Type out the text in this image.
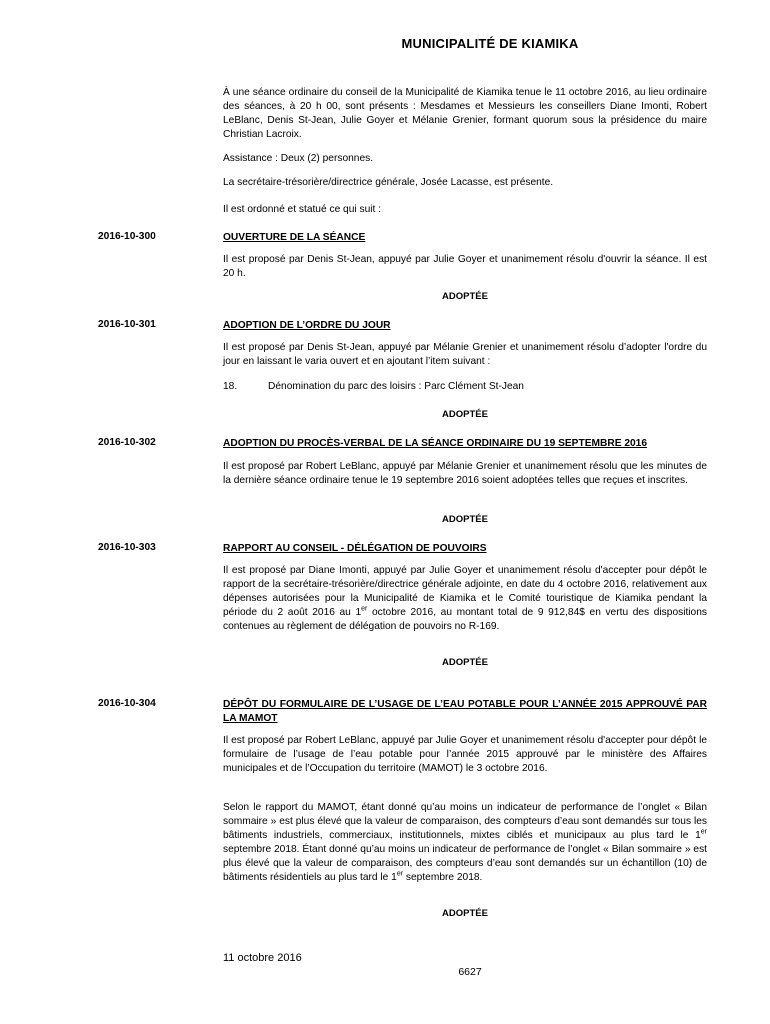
MUNICIPALITÉ DE KIAMIKA

À une séance ordinaire du conseil de la Municipalité de Kiamika tenue le 11 octobre 2016, au lieu ordinaire des séances, à 20 h 00, sont présents : Mesdames et Messieurs les conseillers Diane Imonti, Robert LeBlanc, Denis St-Jean, Julie Goyer et Mélanie Grenier, formant quorum sous la présidence du maire Christian Lacroix.

Assistance : Deux (2) personnes.
La secrétaire-trésorière/directrice générale, Josée Lacasse, est présente.
Il est ordonné et statué ce qui suit :
2016-10-300	OUVERTURE DE LA SÉANCE

Il est proposé par Denis St-Jean, appuyé par Julie Goyer et unanimement résolu d'ouvrir la séance. Il est 20 h.

ADOPTÉE
2016-10-301	ADOPTION DE L’ORDRE DU JOUR

Il est proposé par Denis St-Jean, appuyé par Mélanie Grenier et unanimement résolu d’adopter l'ordre du jour en laissant le varia ouvert et en ajoutant l’item suivant :

18.	Dénomination du parc des loisirs : Parc Clément St-Jean
ADOPTÉE
2016-10-302	ADOPTION DU PROCÈS-VERBAL DE LA SÉANCE ORDINAIRE DU 19 SEPTEMBRE 2016

Il est proposé par Robert LeBlanc, appuyé par Mélanie Grenier et unanimement résolu que les minutes de la dernière séance ordinaire tenue le 19 septembre 2016 soient adoptées telles que reçues et inscrites.

ADOPTÉE
2016-10-303	RAPPORT AU CONSEIL - DÉLÉGATION DE POUVOIRS

Il est proposé par Diane Imonti, appuyé par Julie Goyer et unanimement résolu d'accepter pour dépôt le rapport de la secrétaire-trésorière/directrice générale adjointe, en date du 4 octobre 2016, relativement aux dépenses autorisées pour la Municipalité de Kiamika et le Comité touristique de Kiamika pendant la période du 2 août 2016 au 1er octobre 2016, au montant total de 9 912,84$ en vertu des dispositions contenues au règlement de délégation de pouvoirs no R-169.

ADOPTÉE
2016-10-304	DÉPÔT DU FORMULAIRE DE L’USAGE DE L’EAU POTABLE POUR L’ANNÉE 2015 APPROUVÉ PAR LA MAMOT

Il est proposé par Robert LeBlanc, appuyé par Julie Goyer et unanimement résolu d'accepter pour dépôt le formulaire de l’usage de l’eau potable pour l’année 2015 approuvé par le ministère des Affaires municipales et de l’Occupation du territoire (MAMOT) le 3 octobre 2016.

Selon le rapport du MAMOT, étant donné qu’au moins un indicateur de performance de l’onglet « Bilan sommaire » est plus élevé que la valeur de comparaison, des compteurs d’eau sont demandés sur tous les bâtiments industriels, commerciaux, institutionnels, mixtes ciblés et municipaux au plus tard le 1er septembre 2018. Étant donné qu’au moins un indicateur de performance de l’onglet « Bilan sommaire » est plus élevé que la valeur de comparaison, des compteurs d’eau sont demandés sur un échantillon (10) de bâtiments résidentiels au plus tard le 1er septembre 2018.

ADOPTÉE
11 octobre 2016
6627
